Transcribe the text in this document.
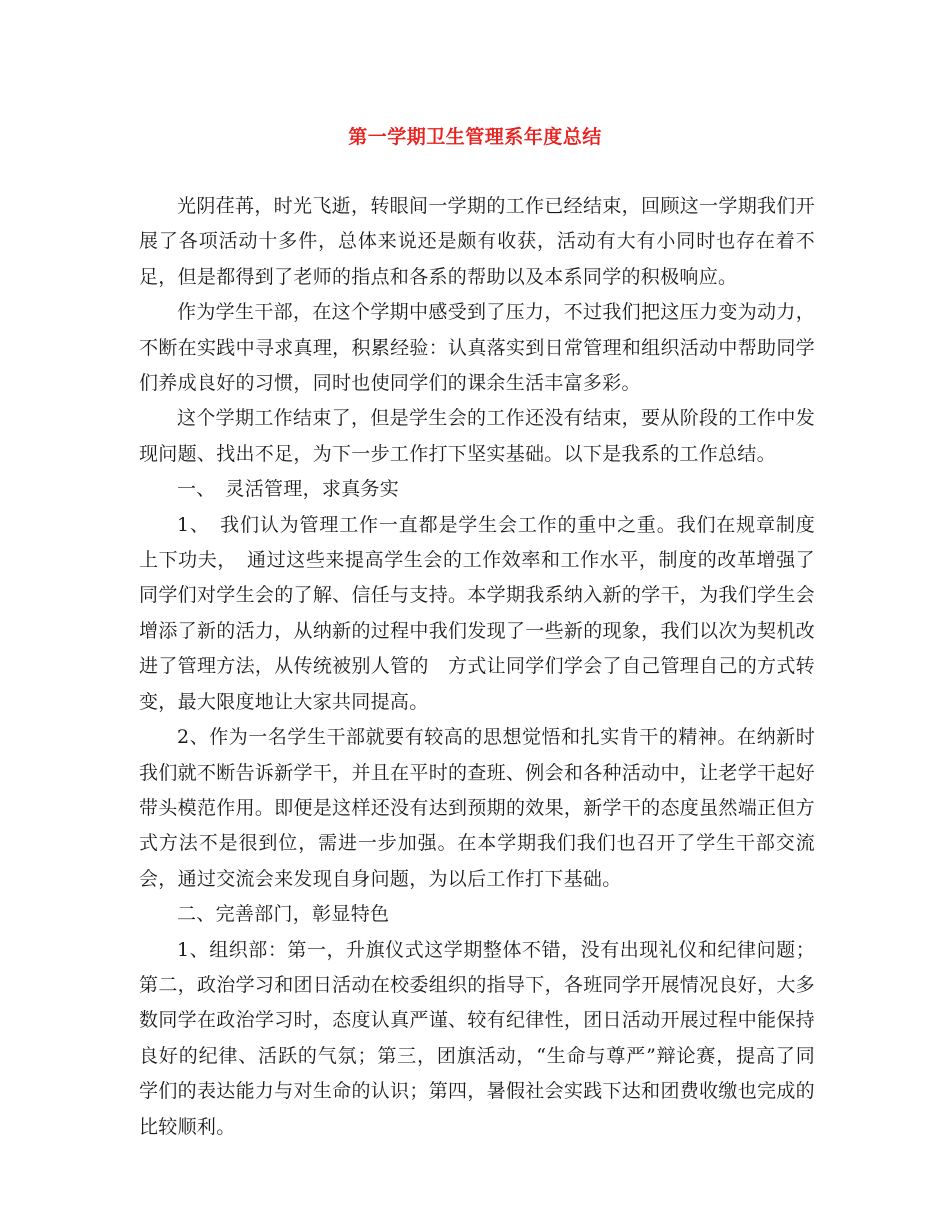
第一学期卫生管理系年度总结

光阴荏苒，时光飞逝，转眼间一学期的工作已经结束，回顾这一学期我们开展了各项活动十多件，总体来说还是颇有收获，活动有大有小同时也存在着不足，但是都得到了老师的指点和各系的帮助以及本系同学的积极响应。

作为学生干部，在这个学期中感受到了压力，不过我们把这压力变为动力，不断在实践中寻求真理，积累经验：认真落实到日常管理和组织活动中帮助同学们养成良好的习惯，同时也使同学们的课余生活丰富多彩。

这个学期工作结束了，但是学生会的工作还没有结束，要从阶段的工作中发现问题、找出不足，为下一步工作打下坚实基础。以下是我系的工作总结。

一、　灵活管理，求真务实

1、　我们认为管理工作一直都是学生会工作的重中之重。我们在规章制度上下功夫，　通过这些来提高学生会的工作效率和工作水平，制度的改革增强了同学们对学生会的了解、信任与支持。本学期我系纳入新的学干，为我们学生会增添了新的活力，从纳新的过程中我们发现了一些新的现象，我们以次为契机改进了管理方法，从传统被别人管的　方式让同学们学会了自己管理自己的方式转变，最大限度地让大家共同提高。

2、作为一名学生干部就要有较高的思想觉悟和扎实肯干的精神。在纳新时我们就不断告诉新学干，并且在平时的查班、例会和各种活动中，让老学干起好带头模范作用。即便是这样还没有达到预期的效果，新学干的态度虽然端正但方式方法不是很到位，需进一步加强。在本学期我们我们也召开了学生干部交流会，通过交流会来发现自身问题，为以后工作打下基础。

二、完善部门，彰显特色

1、组织部：第一，升旗仪式这学期整体不错，没有出现礼仪和纪律问题；第二，政治学习和团日活动在校委组织的指导下，各班同学开展情况良好，大多数同学在政治学习时，态度认真严谨、较有纪律性，团日活动开展过程中能保持良好的纪律、活跃的气氛；第三，团旗活动，“生命与尊严”辩论赛，提高了同学们的表达能力与对生命的认识；第四，暑假社会实践下达和团费收缴也完成的比较顺利。
